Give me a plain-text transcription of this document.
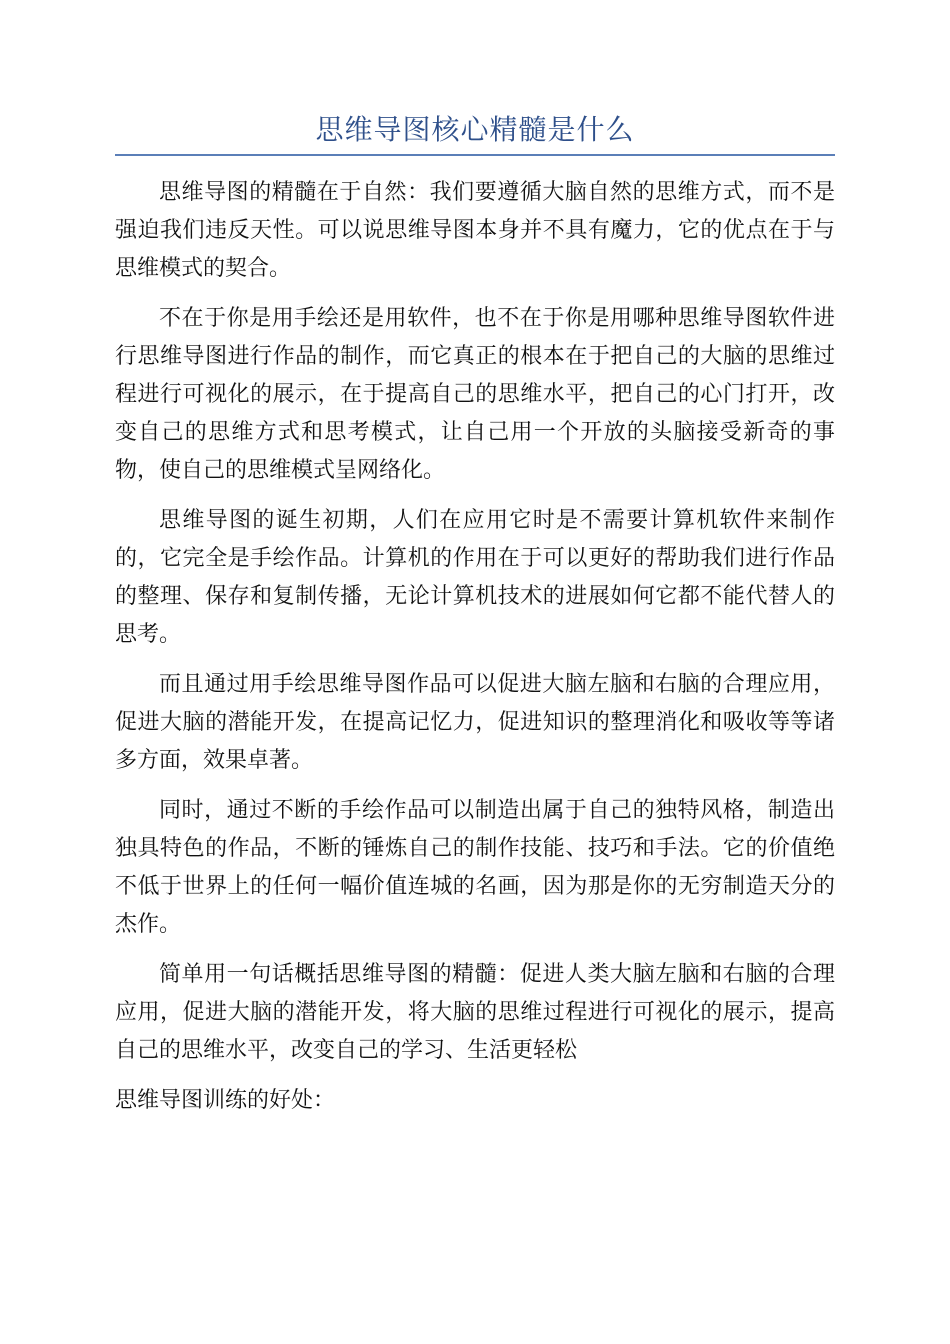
思维导图核心精髓是什么

思维导图的精髓在于自然：我们要遵循大脑自然的思维方式，而不是强迫我们违反天性。可以说思维导图本身并不具有魔力，它的优点在于与思维模式的契合。

不在于你是用手绘还是用软件，也不在于你是用哪种思维导图软件进行思维导图进行作品的制作，而它真正的根本在于把自己的大脑的思维过程进行可视化的展示，在于提高自己的思维水平，把自己的心门打开，改变自己的思维方式和思考模式，让自己用一个开放的头脑接受新奇的事物，使自己的思维模式呈网络化。

思维导图的诞生初期，人们在应用它时是不需要计算机软件来制作的，它完全是手绘作品。计算机的作用在于可以更好的帮助我们进行作品的整理、保存和复制传播，无论计算机技术的进展如何它都不能代替人的思考。

而且通过用手绘思维导图作品可以促进大脑左脑和右脑的合理应用，促进大脑的潜能开发，在提高记忆力，促进知识的整理消化和吸收等等诸多方面，效果卓著。

同时，通过不断的手绘作品可以制造出属于自己的独特风格，制造出独具特色的作品，不断的锤炼自己的制作技能、技巧和手法。它的价值绝不低于世界上的任何一幅价值连城的名画，因为那是你的无穷制造天分的杰作。

简单用一句话概括思维导图的精髓：促进人类大脑左脑和右脑的合理应用，促进大脑的潜能开发，将大脑的思维过程进行可视化的展示，提高自己的思维水平，改变自己的学习、生活更轻松

思维导图训练的好处：
